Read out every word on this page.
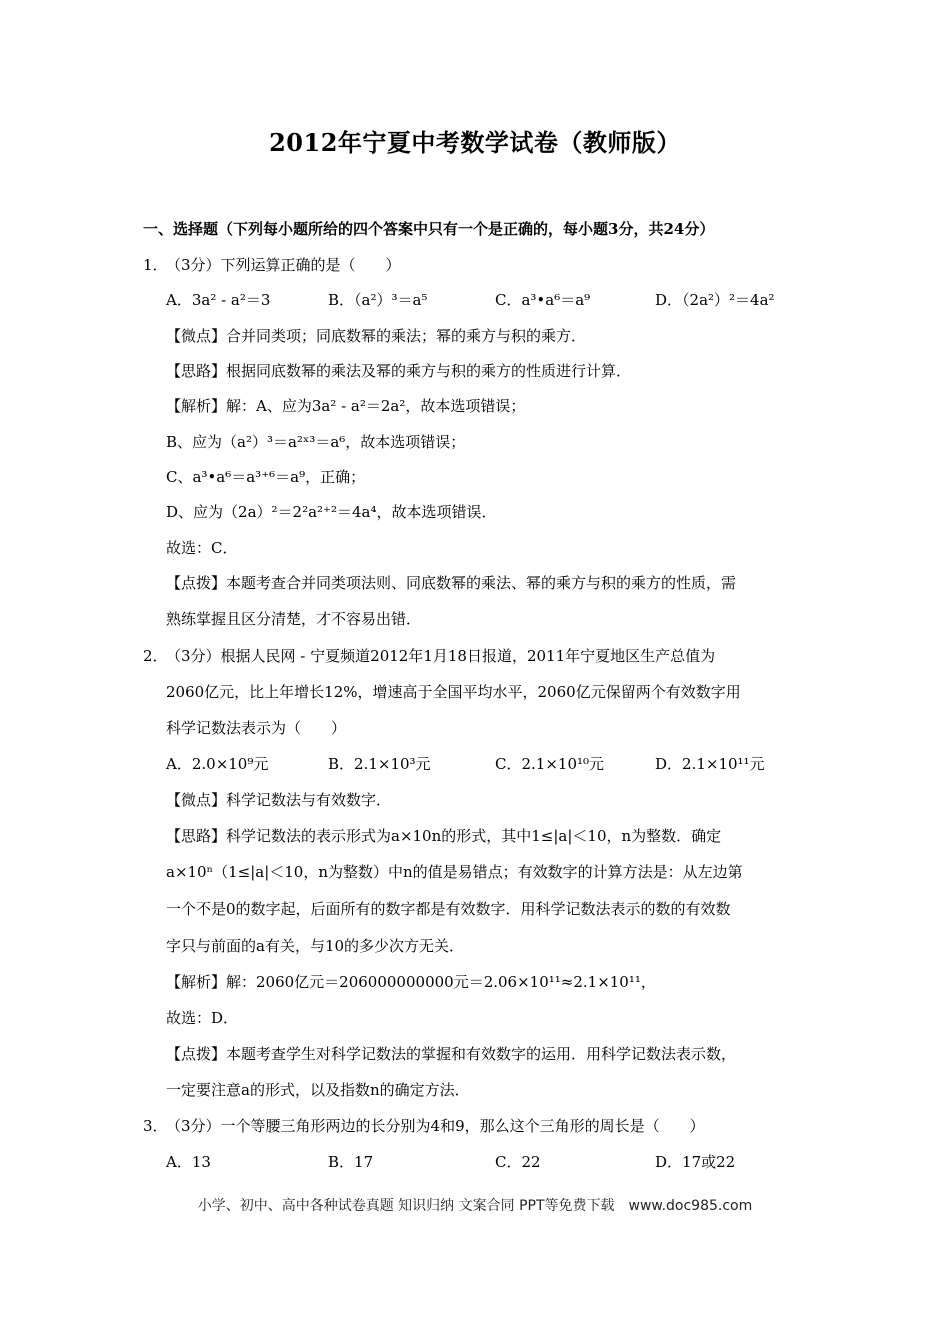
2012年宁夏中考数学试卷（教师版）
一、选择题（下列每小题所给的四个答案中只有一个是正确的，每小题3分，共24分）
1．（3分）下列运算正确的是（　　）
A．3a² - a²＝3	B．（a²）³＝a⁵	C．a³•a⁶＝a⁹	D．（2a²）²＝4a²
【微点】合并同类项；同底数幂的乘法；幂的乘方与积的乘方．
【思路】根据同底数幂的乘法及幂的乘方与积的乘方的性质进行计算．
【解析】解：A、应为3a² - a²＝2a²，故本选项错误；
B、应为（a²）³＝a²ˣ³＝a⁶，故本选项错误；
C、a³•a⁶＝a³⁺⁶＝a⁹，正确；
D、应为（2a）²＝2²a²⁺²＝4a⁴，故本选项错误．
故选：C．
【点拨】本题考查合并同类项法则、同底数幂的乘法、幂的乘方与积的乘方的性质，需
熟练掌握且区分清楚，才不容易出错．
2．（3分）根据人民网 - 宁夏频道2012年1月18日报道，2011年宁夏地区生产总值为
2060亿元，比上年增长12%，增速高于全国平均水平，2060亿元保留两个有效数字用
科学记数法表示为（　　）
A．2.0×10⁹元	B．2.1×10³元	C．2.1×10¹⁰元	D．2.1×10¹¹元
【微点】科学记数法与有效数字．
【思路】科学记数法的表示形式为a×10n的形式，其中1≤|a|＜10，n为整数．确定
a×10ⁿ（1≤|a|＜10，n为整数）中n的值是易错点；有效数字的计算方法是：从左边第
一个不是0的数字起，后面所有的数字都是有效数字．用科学记数法表示的数的有效数
字只与前面的a有关，与10的多少次方无关．
【解析】解：2060亿元＝206000000000元＝2.06×10¹¹≈2.1×10¹¹，
故选：D．
【点拨】本题考查学生对科学记数法的掌握和有效数字的运用．用科学记数法表示数，
一定要注意a的形式，以及指数n的确定方法．
3．（3分）一个等腰三角形两边的长分别为4和9，那么这个三角形的周长是（　　）
A．13	B．17	C．22	D．17或22
小学、初中、高中各种试卷真题 知识归纳 文案合同 PPT等免费下载　www.doc985.com
